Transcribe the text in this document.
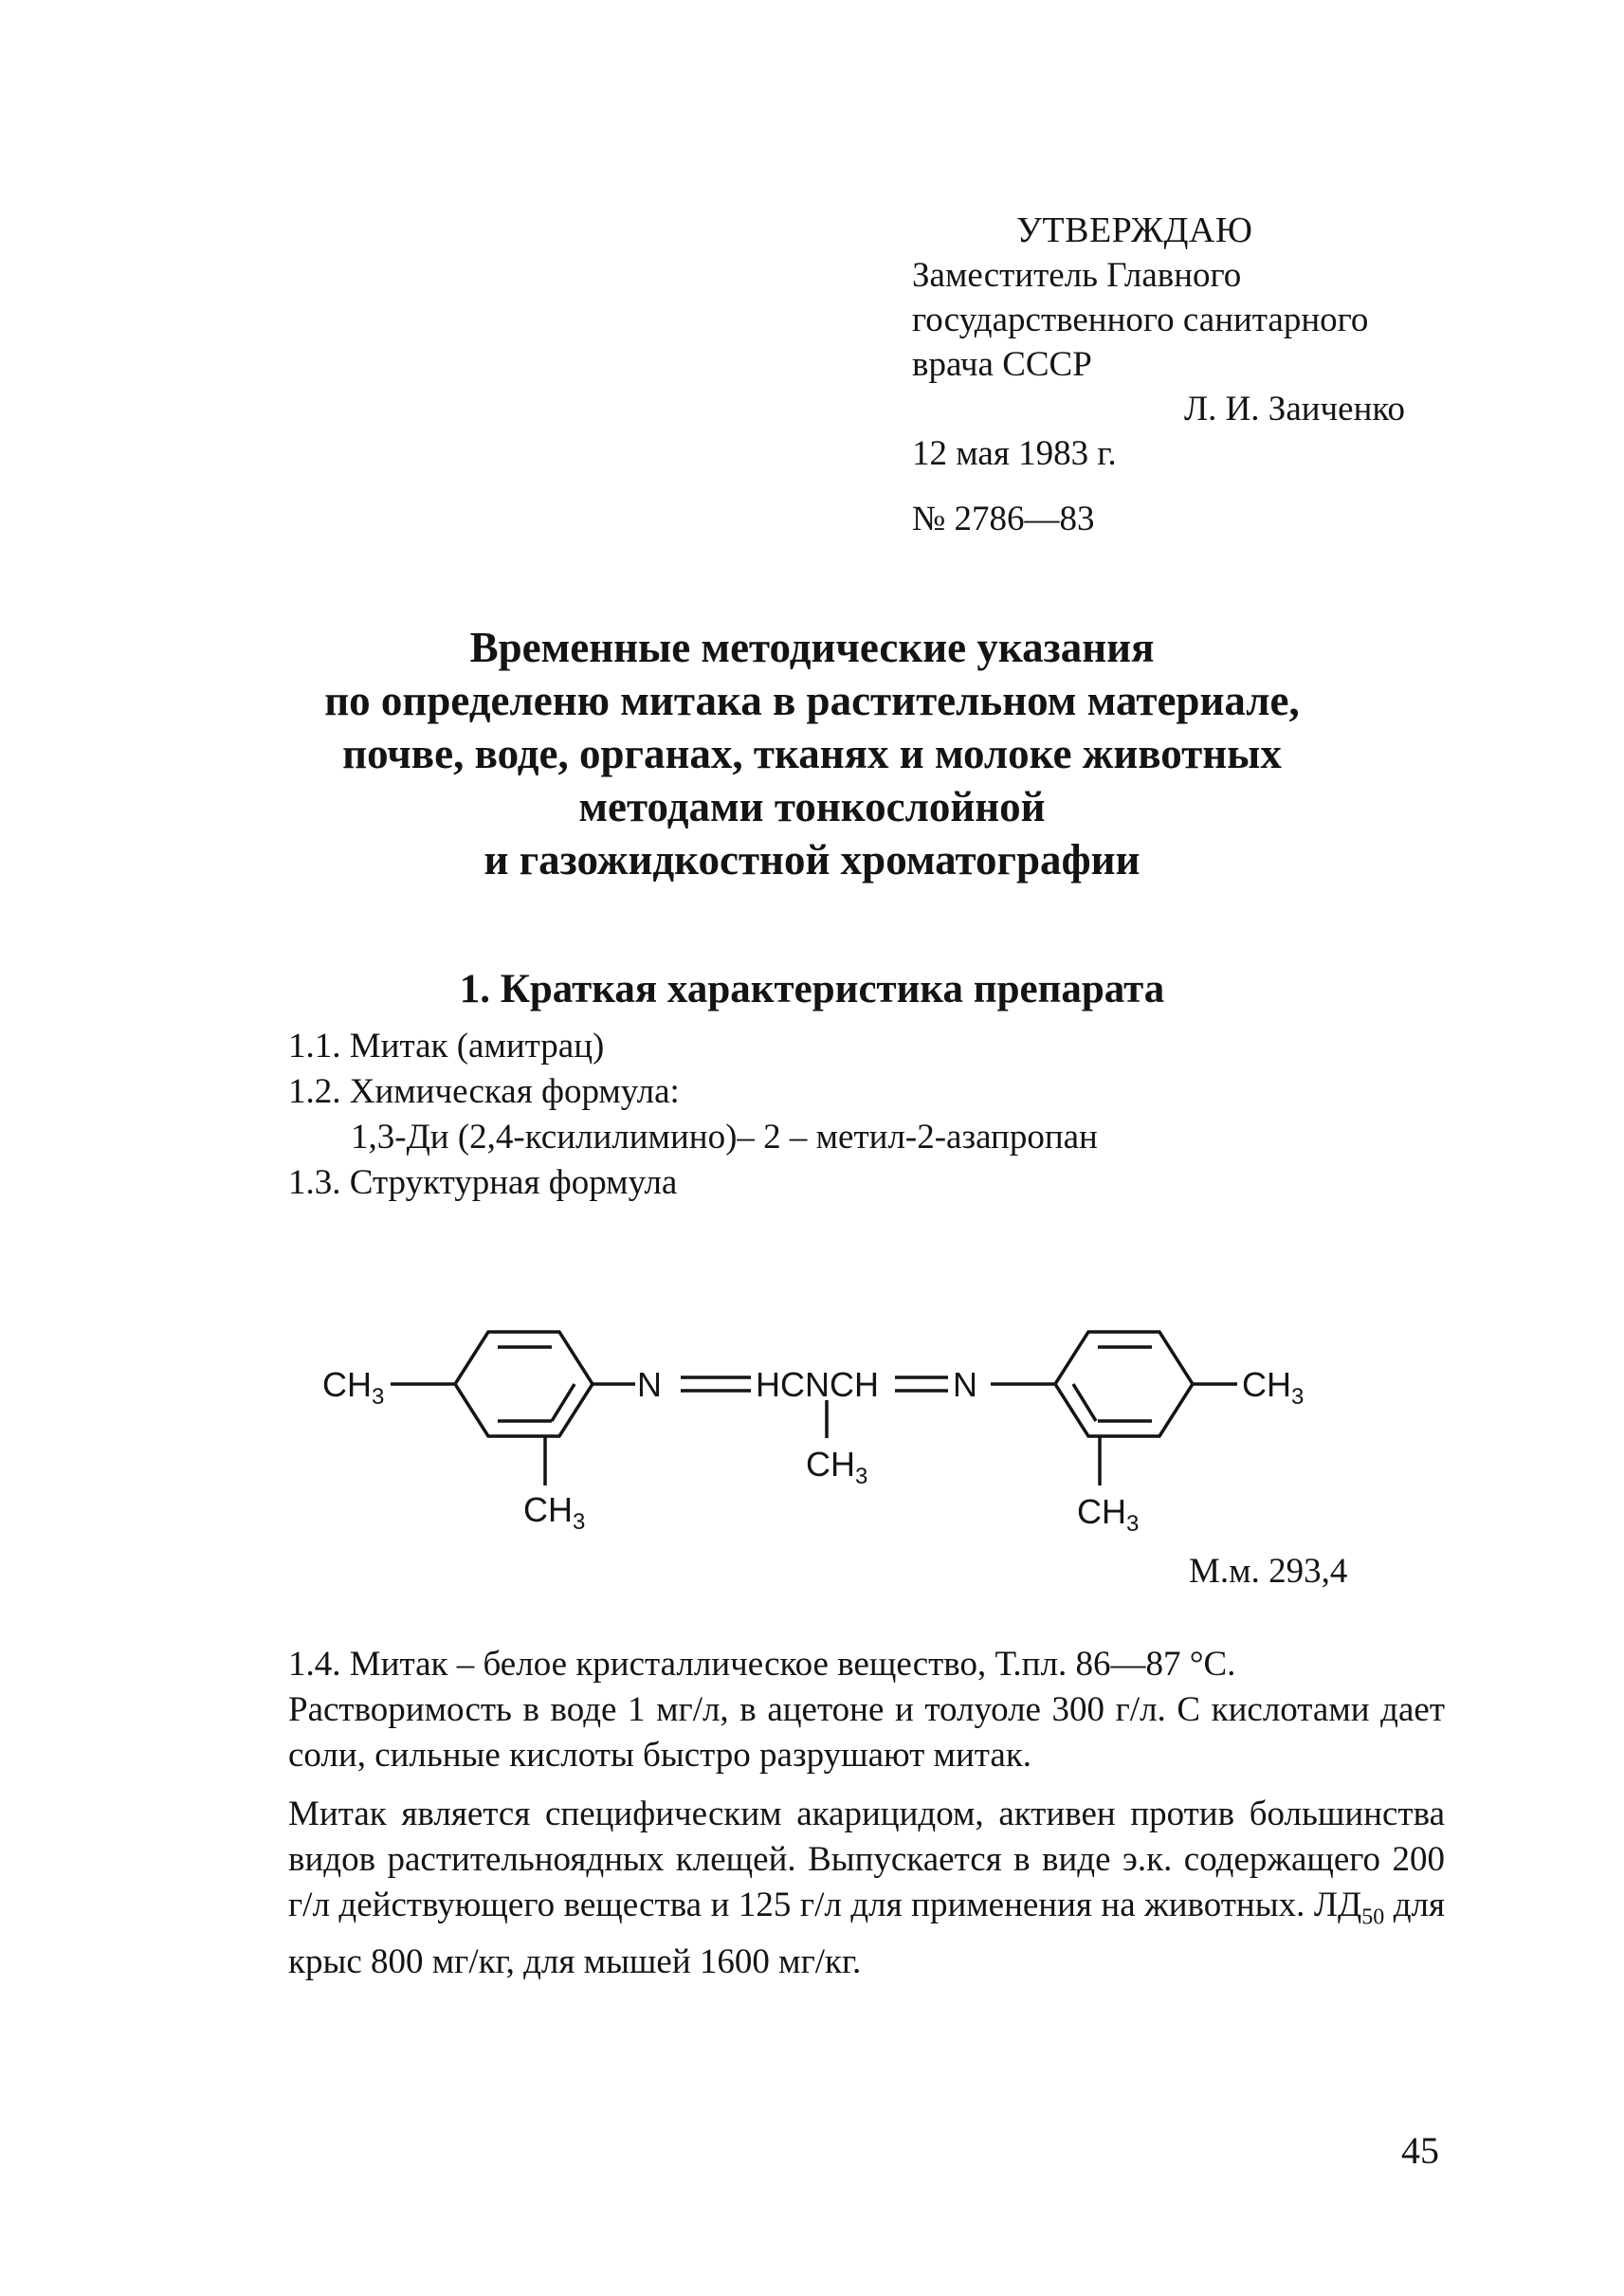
УТВЕРЖДАЮ
Заместитель Главного
государственного санитарного
врача СССР
Л. И. Заиченко
12 мая 1983 г.
№ 2786—83
Временные методические указания
по определеню митака в растительном материале,
почве, воде, органах, тканях и молоке животных
методами тонкослойной
и газожидкостной хроматографии
1. Краткая характеристика препарата
1.1. Митак (амитрац)
1.2. Химическая формула:
1,3-Ди (2,4-ксилилимино)– 2 – метил-2-азапропан
1.3. Структурная формула
$CH_3$	N	HCNCH N	$CH_3$
$CH_3$
$CH_3$
$CH_3$
М.м. 293,4

1.4. Митак – белое кристаллическое вещество, Т.пл. 86—87 °С.

Растворимость в воде 1 мг/л, в ацетоне и толуоле 300 г/л. С кислотами дает соли, сильные кислоты быстро разрушают митак.

Митак является специфическим акарицидом, активен против большинства видов растительноядных клещей. Выпускается в виде э.к. содержащего 200 г/л действующего вещества и 125 г/л для применения на животных. $ЛД_{50}$ для крыс 800 мг/кг, для мышей 1600 мг/кг.

45
